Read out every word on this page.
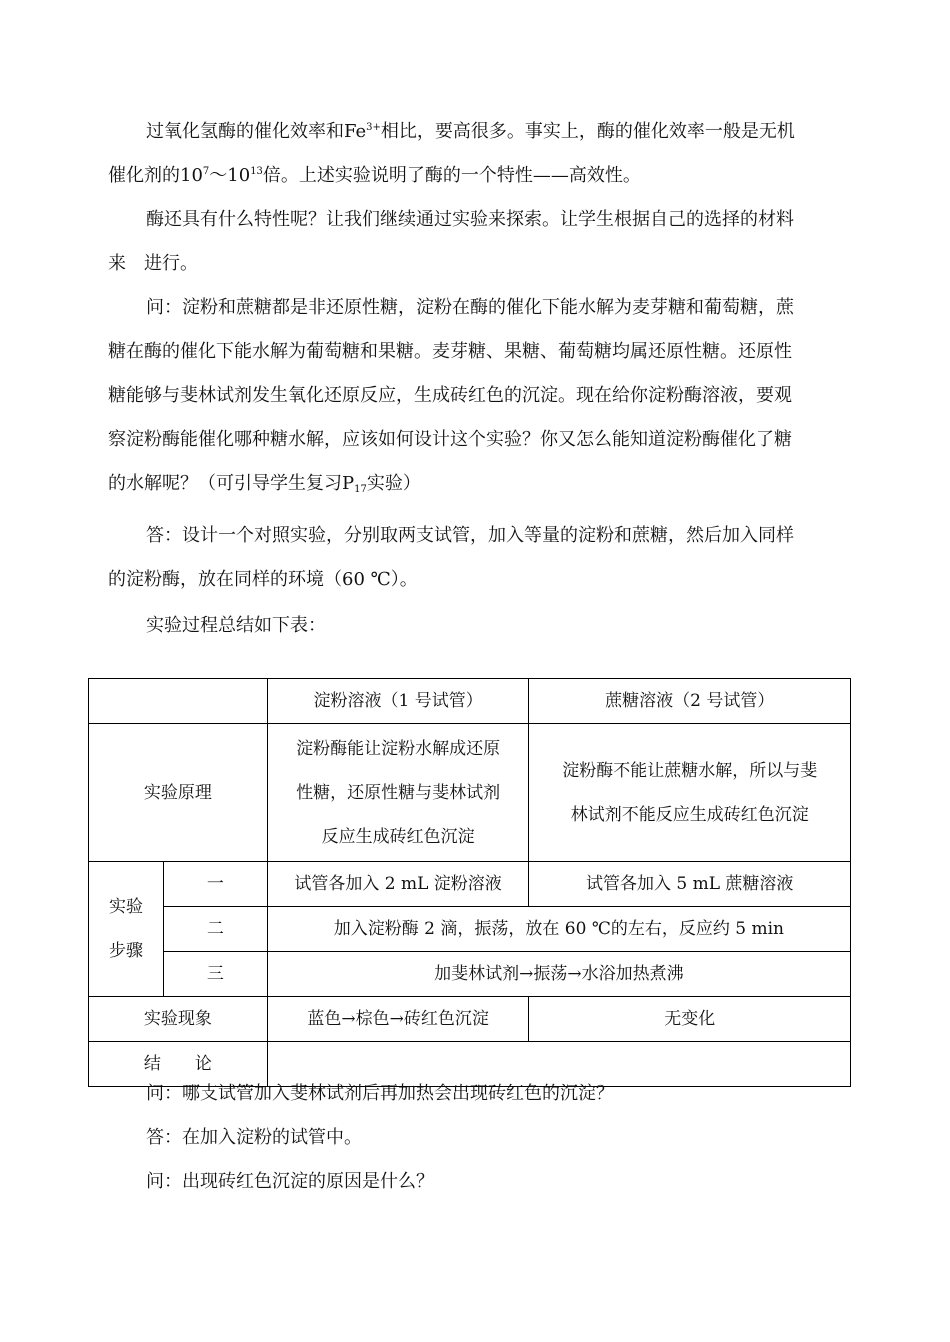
过氧化氢酶的催化效率和$Fe^{3+}$相比，要高很多。事实上，酶的催化效率一般是无机
催化剂的$10^7\sim 10^{13}$倍。上述实验说明了酶的一个特性——高效性。
酶还具有什么特性呢？让我们继续通过实验来探索。让学生根据自己的选择的材料
来　进行。
问：淀粉和蔗糖都是非还原性糖，淀粉在酶的催化下能水解为麦芽糖和葡萄糖，蔗
糖在酶的催化下能水解为葡萄糖和果糖。麦芽糖、果糖、葡萄糖均属还原性糖。还原性
糖能够与斐林试剂发生氧化还原反应，生成砖红色的沉淀。现在给你淀粉酶溶液，要观
察淀粉酶能催化哪种糖水解，应该如何设计这个实验？你又怎么能知道淀粉酶催化了糖
的水解呢？（可引导学生复习$P_{17}$实验）
答：设计一个对照实验，分别取两支试管，加入等量的淀粉和蔗糖，然后加入同样
的淀粉酶，放在同样的环境（60 ℃）。
实验过程总结如下表：
		淀粉溶液（1 号试管）	蔗糖溶液（2 号试管）
实验原理		淀粉酶能让淀粉水解成还原
性糖，还原性糖与斐林试剂
反应生成砖红色沉淀	淀粉酶不能让蔗糖水解，所以与斐
林试剂不能反应生成砖红色沉淀

实验
步骤	一	试管各加入 2 mL 淀粉溶液	试管各加入 5 mL 蔗糖溶液
	二	加入淀粉酶 2 滴，振荡，放在 60 ℃的左右，反应约 5 min	
	三	加斐林试剂→振荡→水浴加热煮沸	
实验现象		蓝色→棕色→砖红色沉淀	无变化
结　　论			
问：哪支试管加入斐林试剂后再加热会出现砖红色的沉淀？
答：在加入淀粉的试管中。
问：出现砖红色沉淀的原因是什么？
